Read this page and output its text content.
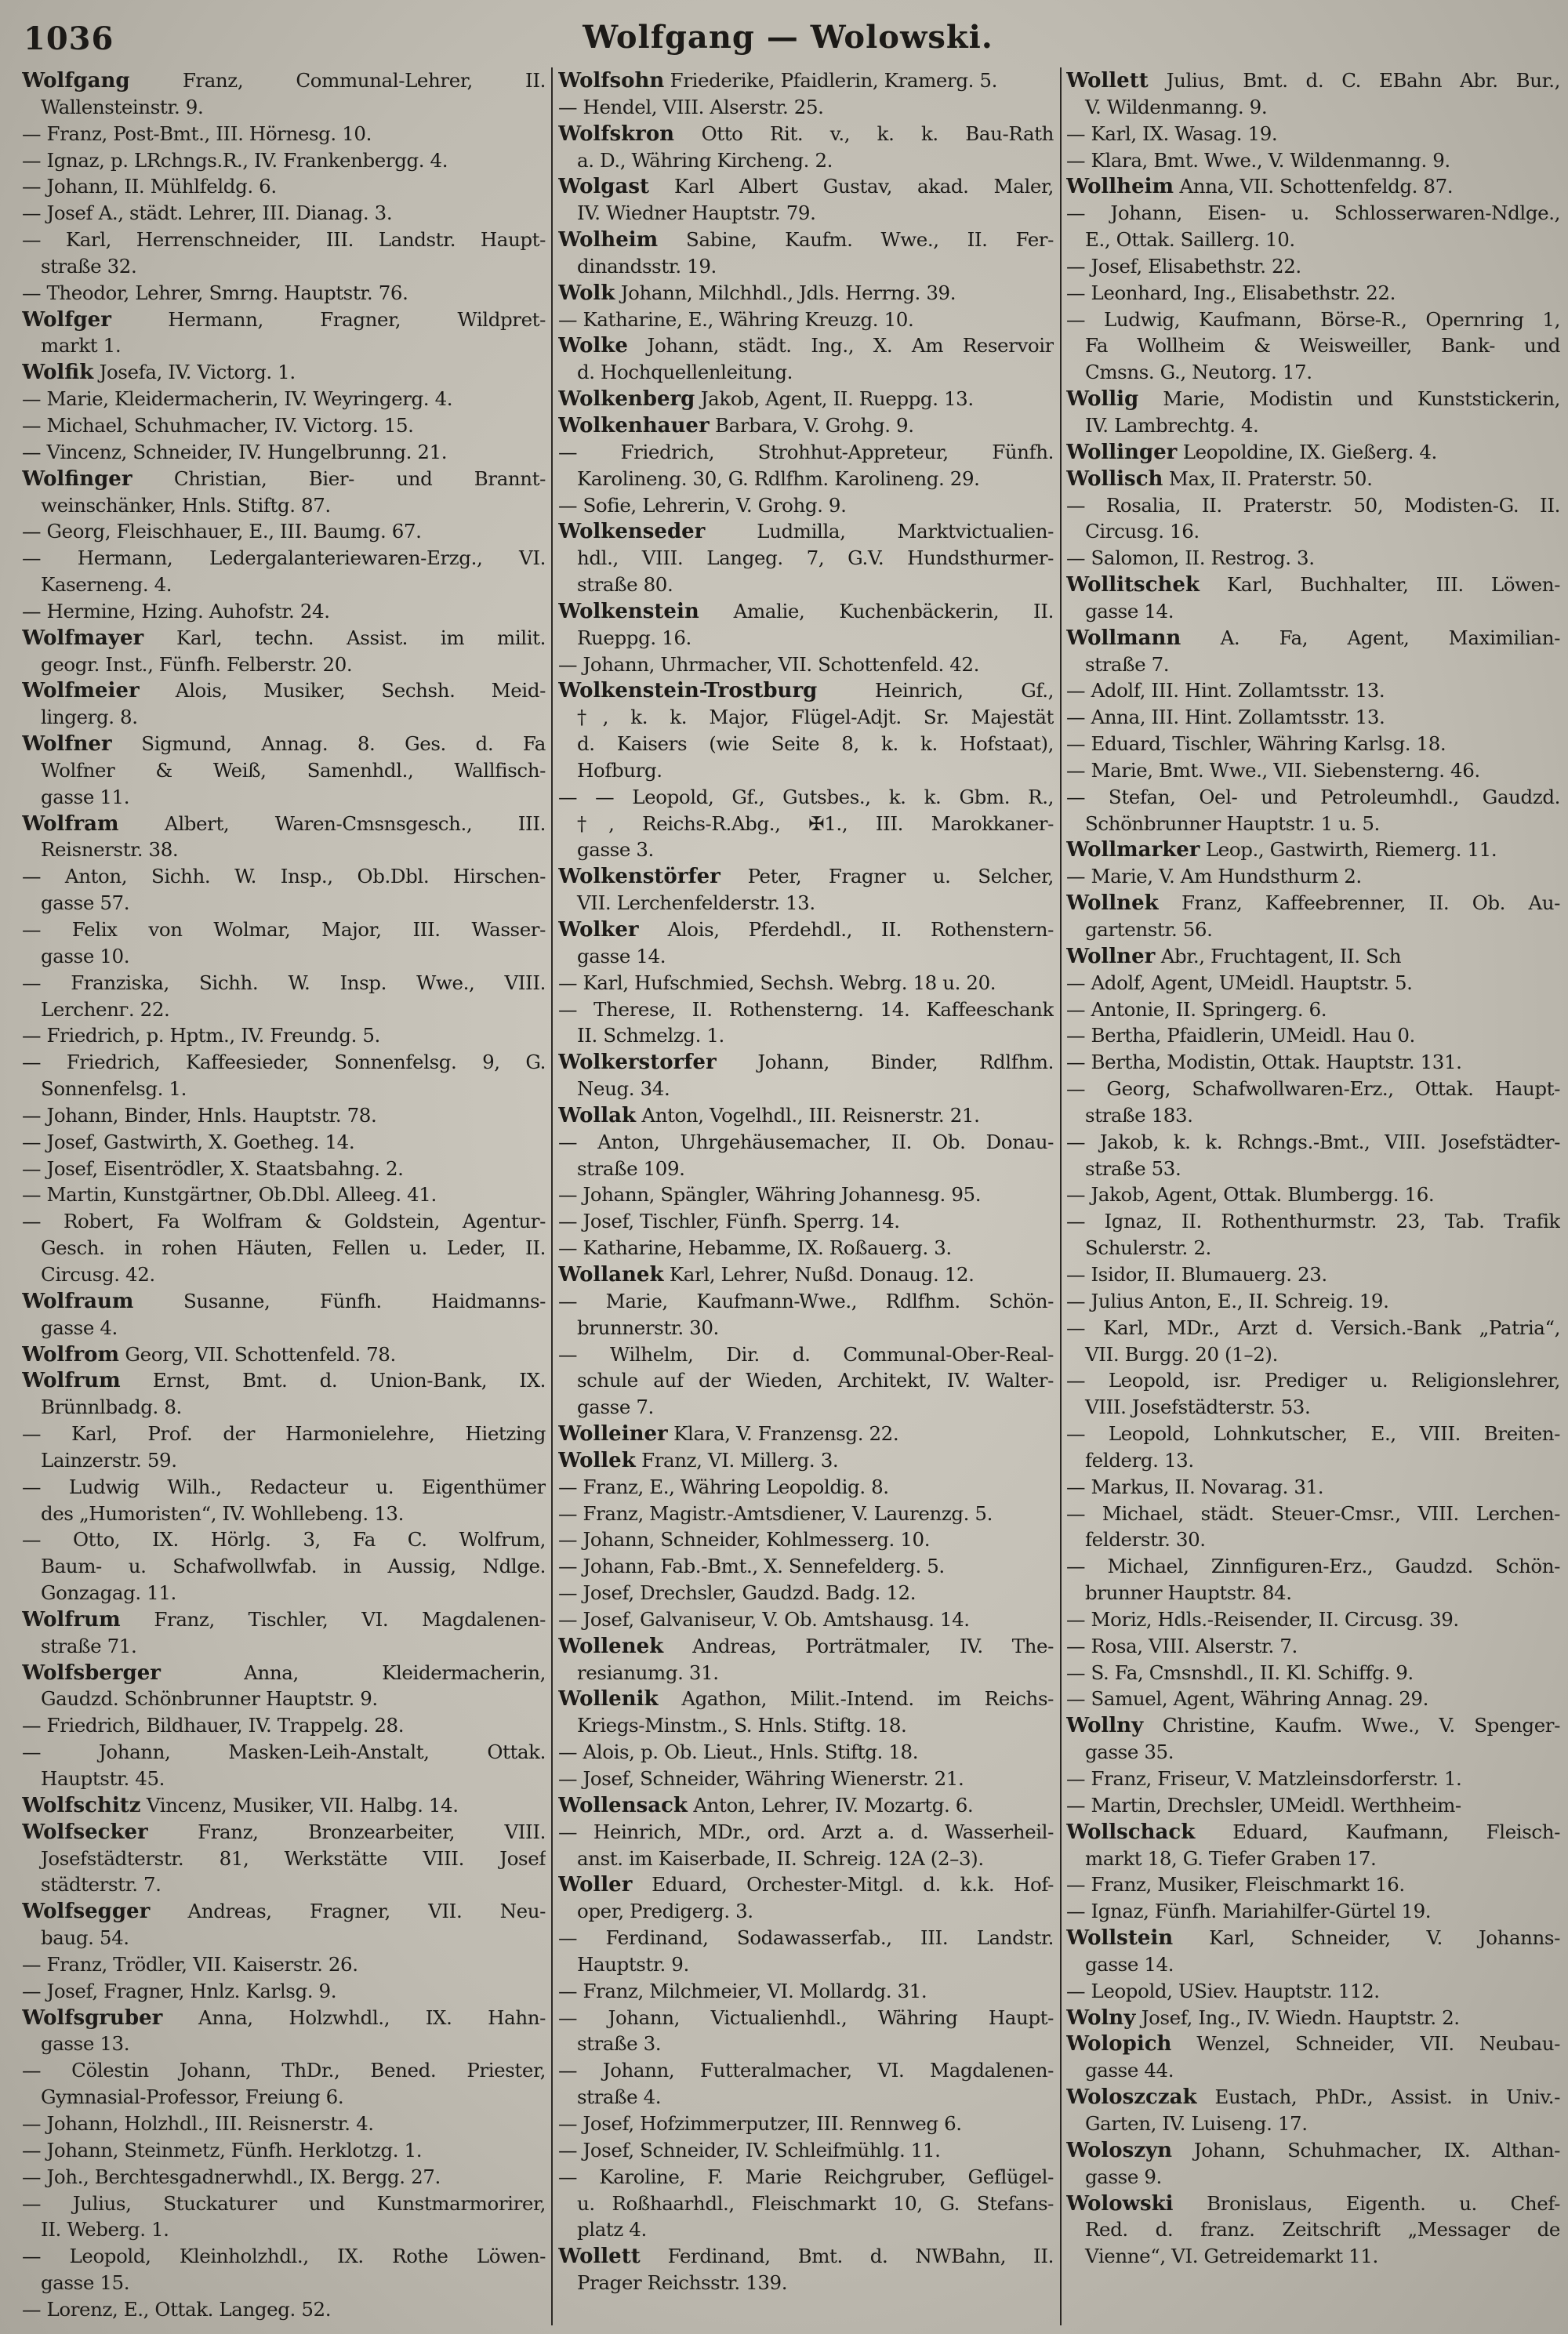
1036	Wolfgang — Wolowski.
Wolfgang Franz, Communal-Lehrer, II.
Wallensteinstr. 9.
— Franz, Post-Bmt., III. Hörnesg. 10.
— Ignaz, p. LRchngs.R., IV. Frankenbergg. 4.
— Johann, II. Mühlfeldg. 6.
— Josef A., städt. Lehrer, III. Dianag. 3.
— Karl, Herrenschneider, III. Landstr. Haupt-
straße 32.
— Theodor, Lehrer, Smrng. Hauptstr. 76.
Wolfger Hermann, Fragner, Wildpret-
markt 1.
Wolfik Josefa, IV. Victorg. 1.
— Marie, Kleidermacherin, IV. Weyringerg. 4.
— Michael, Schuhmacher, IV. Victorg. 15.
— Vincenz, Schneider, IV. Hungelbrunng. 21.
Wolfinger Christian, Bier- und Brannt-
weinschänker, Hnls. Stiftg. 87.
— Georg, Fleischhauer, E., III. Baumg. 67.
— Hermann, Ledergalanteriewaren-Erzg., VI.
Kaserneng. 4.
— Hermine, Hzing. Auhofstr. 24.
Wolfmayer Karl, techn. Assist. im milit.
geogr. Inst., Fünfh. Felberstr. 20.
Wolfmeier Alois, Musiker, Sechsh. Meid-
lingerg. 8.
Wolfner Sigmund, Annag. 8. Ges. d. Fa
Wolfner & Weiß, Samenhdl., Wallfisch-
gasse 11.
Wolfram Albert, Waren-Cmsnsgesch., III.
Reisnerstr. 38.
— Anton, Sichh. W. Insp., Ob.Dbl. Hirschen-
gasse 57.
— Felix von Wolmar, Major, III. Wasser-
gasse 10.
— Franziska, Sichh. W. Insp. Wwe., VIII.
Lerchenг. 22.
— Friedrich, p. Hptm., IV. Freundg. 5.
— Friedrich, Kaffeesieder, Sonnenfelsg. 9, G.
Sonnenfelsg. 1.
— Johann, Binder, Hnls. Hauptstr. 78.
— Josef, Gastwirth, X. Goetheg. 14.
— Josef, Eisentrödler, X. Staatsbahng. 2.
— Martin, Kunstgärtner, Ob.Dbl. Alleeg. 41.
— Robert, Fa Wolfram & Goldstein, Agentur-
Gesch. in rohen Häuten, Fellen u. Leder, II.
Circusg. 42.
Wolfraum Susanne, Fünfh. Haidmanns-
gasse 4.
Wolfrom Georg, VII. Schottenfeld. 78.
Wolfrum Ernst, Bmt. d. Union-Bank, IX.
Brünnlbadg. 8.
— Karl, Prof. der Harmonielehre, Hietzing
Lainzerstr. 59.
— Ludwig Wilh., Redacteur u. Eigenthümer
des „Humoristen“, IV. Wohllebeng. 13.
— Otto, IX. Hörlg. 3, Fa C. Wolfrum,
Baum- u. Schafwollwfab. in Aussig, Ndlge.
Gonzagag. 11.
Wolfrum Franz, Tischler, VI. Magdalenen-
straße 71.
Wolfsberger Anna, Kleidermacherin,
Gaudzd. Schönbrunner Hauptstr. 9.
— Friedrich, Bildhauer, IV. Trappelg. 28.
— Johann, Masken-Leih-Anstalt, Ottak.
Hauptstr. 45.
Wolfschitz Vincenz, Musiker, VII. Halbg. 14.
Wolfsecker Franz, Bronzearbeiter, VIII.
Josefstädterstr. 81, Werkstätte VIII. Josef
städterstr. 7.
Wolfsegger Andreas, Fragner, VII. Neu-
baug. 54.
— Franz, Trödler, VII. Kaiserstr. 26.
— Josef, Fragner, Hnlz. Karlsg. 9.
Wolfsgruber Anna, Holzwhdl., IX. Hahn-
gasse 13.
— Cölestin Johann, ThDr., Bened. Priester,
Gymnasial-Professor, Freiung 6.
— Johann, Holzhdl., III. Reisnerstr. 4.
— Johann, Steinmetz, Fünfh. Herklotzg. 1.
— Joh., Berchtesgadnerwhdl., IX. Bergg. 27.
— Julius, Stuckaturer und Kunstmarmorirer,
II. Weberg. 1.
— Leopold, Kleinholzhdl., IX. Rothe Löwen-
gasse 15.
— Lorenz, E., Ottak. Langeg. 52.
Wolfsohn Friederike, Pfaidlerin, Kramerg. 5.
— Hendel, VIII. Alserstr. 25.
Wolfskron Otto Rit. v., k. k. Bau-Rath
a. D., Währing Kircheng. 2.
Wolgast Karl Albert Gustav, akad. Maler,
IV. Wiedner Hauptstr. 79.
Wolheim Sabine, Kaufm. Wwe., II. Fer-
dinandsstr. 19.
Wolk Johann, Milchhdl., Jdls. Herrng. 39.
— Katharine, E., Währing Kreuzg. 10.
Wolke Johann, städt. Ing., X. Am Reservoir
d. Hochquellenleitung.
Wolkenberg Jakob, Agent, II. Rueppg. 13.
Wolkenhauer Barbara, V. Grohg. 9.
— Friedrich, Strohhut-Appreteur, Fünfh.
Karolineng. 30, G. Rdlfhm. Karolineng. 29.
— Sofie, Lehrerin, V. Grohg. 9.
Wolkenseder Ludmilla, Marktvictualien-
hdl., VIII. Langeg. 7, G.V. Hundsthurmer-
straße 80.
Wolkenstein Amalie, Kuchenbäckerin, II.
Rueppg. 16.
— Johann, Uhrmacher, VII. Schottenfeld. 42.
Wolkenstein-Trostburg Heinrich, Gf.,
†, k. k. Major, Flügel-Adjt. Sr. Majestät
d. Kaisers (wie Seite 8, k. k. Hofstaat),
Hofburg.
— — Leopold, Gf., Gutsbes., k. k. Gbm. R.,
†, Reichs-R.Abg., ✠1., III. Marokkaner-
gasse 3.
Wolkenstörfer Peter, Fragner u. Selcher,
VII. Lerchenfelderstr. 13.
Wolker Alois, Pferdehdl., II. Rothenstern-
gasse 14.
— Karl, Hufschmied, Sechsh. Webrg. 18 u. 20.
— Therese, II. Rothensterng. 14. Kaffeeschank
II. Schmelzg. 1.
Wolkerstorfer Johann, Binder, Rdlfhm.
Neug. 34.
Wollak Anton, Vogelhdl., III. Reisnerstr. 21.
— Anton, Uhrgehäusemacher, II. Ob. Donau-
straße 109.
— Johann, Spängler, Währing Johannesg. 95.
— Josef, Tischler, Fünfh. Sperrg. 14.
— Katharine, Hebamme, IX. Roßauerg. 3.
Wollanek Karl, Lehrer, Nußd. Donaug. 12.
— Marie, Kaufmann-Wwe., Rdlfhm. Schön-
brunnerstr. 30.
— Wilhelm, Dir. d. Communal-Ober-Real-
schule auf der Wieden, Architekt, IV. Walter-
gasse 7.
Wolleiner Klara, V. Franzensg. 22.
Wollek Franz, VI. Millerg. 3.
— Franz, E., Währing Leopoldig. 8.
— Franz, Magistr.-Amtsdiener, V. Laurenzg. 5.
— Johann, Schneider, Kohlmesserg. 10.
— Johann, Fab.-Bmt., X. Sennefelderg. 5.
— Josef, Drechsler, Gaudzd. Badg. 12.
— Josef, Galvaniseur, V. Ob. Amtshausg. 14.
Wollenek Andreas, Porträtmaler, IV. The-
resianumg. 31.
Wollenik Agathon, Milit.-Intend. im Reichs-
Kriegs-Minstm., S. Hnls. Stiftg. 18.
— Alois, p. Ob. Lieut., Hnls. Stiftg. 18.
— Josef, Schneider, Währing Wienerstr. 21.
Wollensack Anton, Lehrer, IV. Mozartg. 6.
— Heinrich, MDr., ord. Arzt a. d. Wasserheil-
anst. im Kaiserbade, II. Schreig. 12A (2–3).
Woller Eduard, Orchester-Mitgl. d. k.k. Hof-
oper, Predigerg. 3.
— Ferdinand, Sodawasserfab., III. Landstr.
Hauptstr. 9.
— Franz, Milchmeier, VI. Mollardg. 31.
— Johann, Victualienhdl., Währing Haupt-
straße 3.
— Johann, Futteralmacher, VI. Magdalenen-
straße 4.
— Josef, Hofzimmerputzer, III. Rennweg 6.
— Josef, Schneider, IV. Schleifmühlg. 11.
— Karoline, F. Marie Reichgruber, Geflügel-
u. Roßhaarhdl., Fleischmarkt 10, G. Stefans-
platz 4.
Wollett Ferdinand, Bmt. d. NWBahn, II.
Prager Reichsstr. 139.
Wollett Julius, Bmt. d. C. EBahn Abr. Bur.,
V. Wildenmanng. 9.
— Karl, IX. Wasag. 19.
— Klara, Bmt. Wwe., V. Wildenmanng. 9.
Wollheim Anna, VII. Schottenfeldg. 87.
— Johann, Eisen- u. Schlosserwaren-Ndlge.,
E., Ottak. Saillerg. 10.
— Josef, Elisabethstr. 22.
— Leonhard, Ing., Elisabethstr. 22.
— Ludwig, Kaufmann, Börse-R., Opernring 1,
Fa Wollheim & Weisweiller, Bank- und
Cmsns. G., Neutorg. 17.
Wollig Marie, Modistin und Kunststickerin,
IV. Lambrechtg. 4.
Wollinger Leopoldine, IX. Gießerg. 4.
Wollisch Max, II. Praterstr. 50.
— Rosalia, II. Praterstr. 50, Modisten-G. II.
Circusg. 16.
— Salomon, II. Restrog. 3.
Wollitschek Karl, Buchhalter, III. Löwen-
gasse 14.
Wollmann A. Fa, Agent, Maximilian-
straße 7.
— Adolf, III. Hint. Zollamtsstr. 13.
— Anna, III. Hint. Zollamtsstr. 13.
— Eduard, Tischler, Währing Karlsg. 18.
— Marie, Bmt. Wwe., VII. Siebensterng. 46.
— Stefan, Oel- und Petroleumhdl., Gaudzd.
Schönbrunner Hauptstr. 1 u. 5.
Wollmarker Leop., Gastwirth, Riemerg. 11.
— Marie, V. Am Hundsthurm 2.
Wollnek Franz, Kaffeebrenner, II. Ob. Au-
gartenstr. 56.
Wollner Abr., Fruchtagent, II. Sch
— Adolf, Agent, UMeidl. Hauptstr. 5.
— Antonie, II. Springerg. 6.
— Bertha, Pfaidlerin, UMeidl. Hau 0.
— Bertha, Modistin, Ottak. Hauptstr. 131.
— Georg, Schafwollwaren-Erz., Ottak. Haupt-
straße 183.
— Jakob, k. k. Rchngs.-Bmt., VIII. Josefstädter-
straße 53.
— Jakob, Agent, Ottak. Blumbergg. 16.
— Ignaz, II. Rothenthurmstr. 23, Tab. Trafik
Schulerstr. 2.
— Isidor, II. Blumauerg. 23.
— Julius Anton, E., II. Schreig. 19.
— Karl, MDr., Arzt d. Versich.-Bank „Patria“,
VII. Burgg. 20 (1–2).
— Leopold, isr. Prediger u. Religionslehrer,
VIII. Josefstädterstr. 53.
— Leopold, Lohnkutscher, E., VIII. Breiten-
felderg. 13.
— Markus, II. Novarag. 31.
— Michael, städt. Steuer-Cmsr., VIII. Lerchen-
felderstr. 30.
— Michael, Zinnfiguren-Erz., Gaudzd. Schön-
brunner Hauptstr. 84.
— Moriz, Hdls.-Reisender, II. Circusg. 39.
— Rosa, VIII. Alserstr. 7.
— S. Fa, Cmsnshdl., II. Kl. Schiffg. 9.
— Samuel, Agent, Währing Annag. 29.
Wollny Christine, Kaufm. Wwe., V. Spenger-
gasse 35.
— Franz, Friseur, V. Matzleinsdorferstr. 1.
— Martin, Drechsler, UMeidl. Werthheim-
Wollschack Eduard, Kaufmann, Fleisch-
markt 18, G. Tiefer Graben 17.
— Franz, Musiker, Fleischmarkt 16.
— Ignaz, Fünfh. Mariahilfer-Gürtel 19.
Wollstein Karl, Schneider, V. Johanns-
gasse 14.
— Leopold, USiev. Hauptstr. 112.
Wolny Josef, Ing., IV. Wiedn. Hauptstr. 2.
Wolopich Wenzel, Schneider, VII. Neubau-
gasse 44.
Woloszczak Eustach, PhDr., Assist. in Univ.-
Garten, IV. Luiseng. 17.
Woloszyn Johann, Schuhmacher, IX. Althan-
gasse 9.
Wolowski Bronislaus, Eigenth. u. Chef-
Red. d. franz. Zeitschrift „Messager de
Vienne“, VI. Getreidemarkt 11.
